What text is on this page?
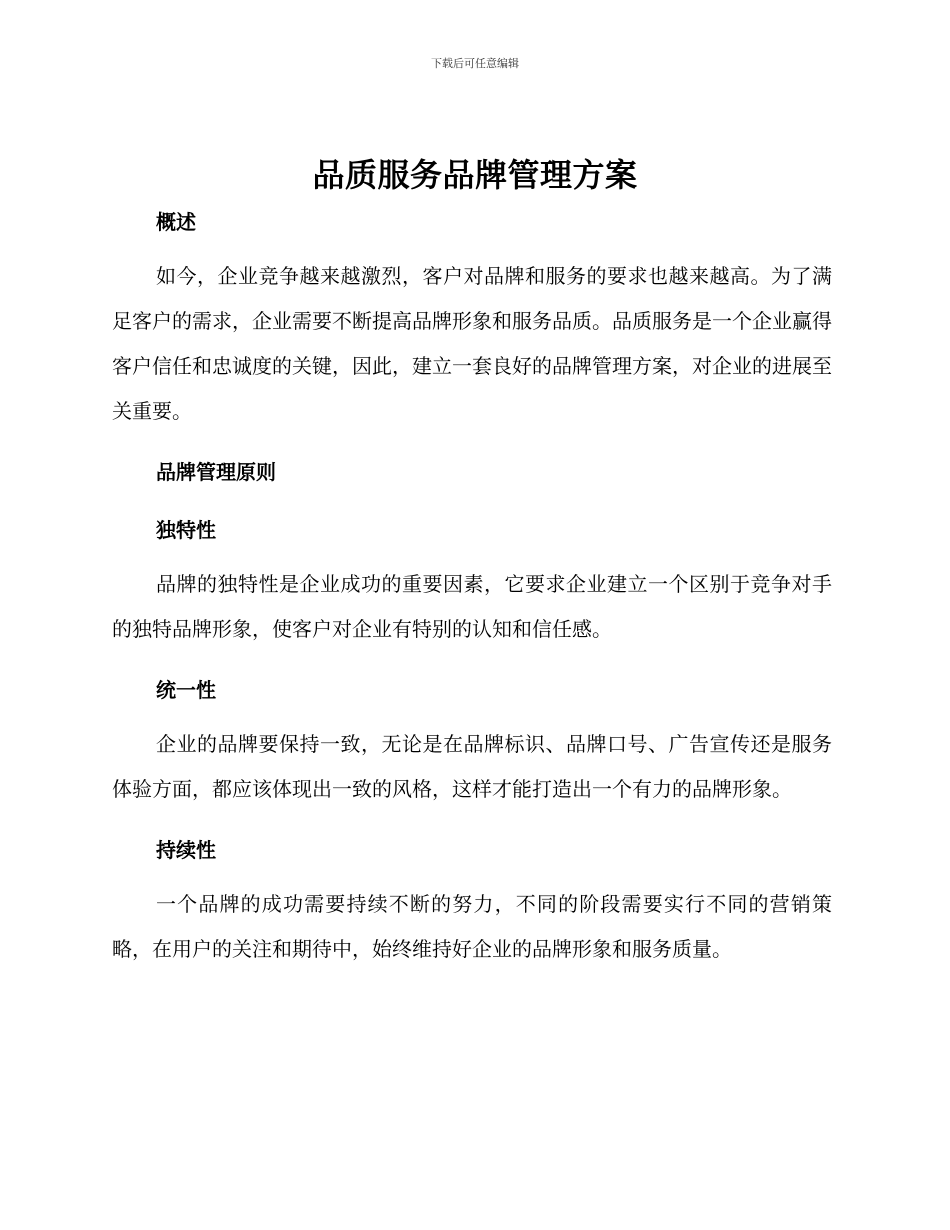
下载后可任意编辑
品质服务品牌管理方案
概述

如今，企业竞争越来越激烈，客户对品牌和服务的要求也越来越高。为了满足客户的需求，企业需要不断提高品牌形象和服务品质。品质服务是一个企业赢得客户信任和忠诚度的关键，因此，建立一套良好的品牌管理方案，对企业的进展至关重要。

品牌管理原则
独特性

品牌的独特性是企业成功的重要因素，它要求企业建立一个区别于竞争对手的独特品牌形象，使客户对企业有特别的认知和信任感。

统一性

企业的品牌要保持一致，无论是在品牌标识、品牌口号、广告宣传还是服务体验方面，都应该体现出一致的风格，这样才能打造出一个有力的品牌形象。

持续性

一个品牌的成功需要持续不断的努力，不同的阶段需要实行不同的营销策略，在用户的关注和期待中，始终维持好企业的品牌形象和服务质量。
